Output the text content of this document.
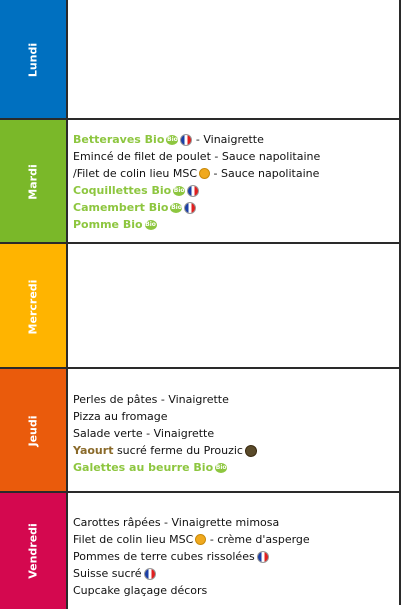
Lundi
Mardi
Betteraves Bio Bio - Vinaigrette
Emincé de filet de poulet - Sauce napolitaine
/Filet de colin lieu MSC - Sauce napolitaine
Coquillettes Bio Bio
Camembert Bio Bio
Pomme Bio Bio
Mercredi
Jeudi
Perles de pâtes - Vinaigrette
Pizza au fromage
Salade verte - Vinaigrette
Yaourt sucré ferme du Prouzic
Galettes au beurre Bio Bio
Vendredi
Carottes râpées - Vinaigrette mimosa
Filet de colin lieu MSC - crème d'asperge
Pommes de terre cubes rissolées
Suisse sucré
Cupcake glaçage décors
